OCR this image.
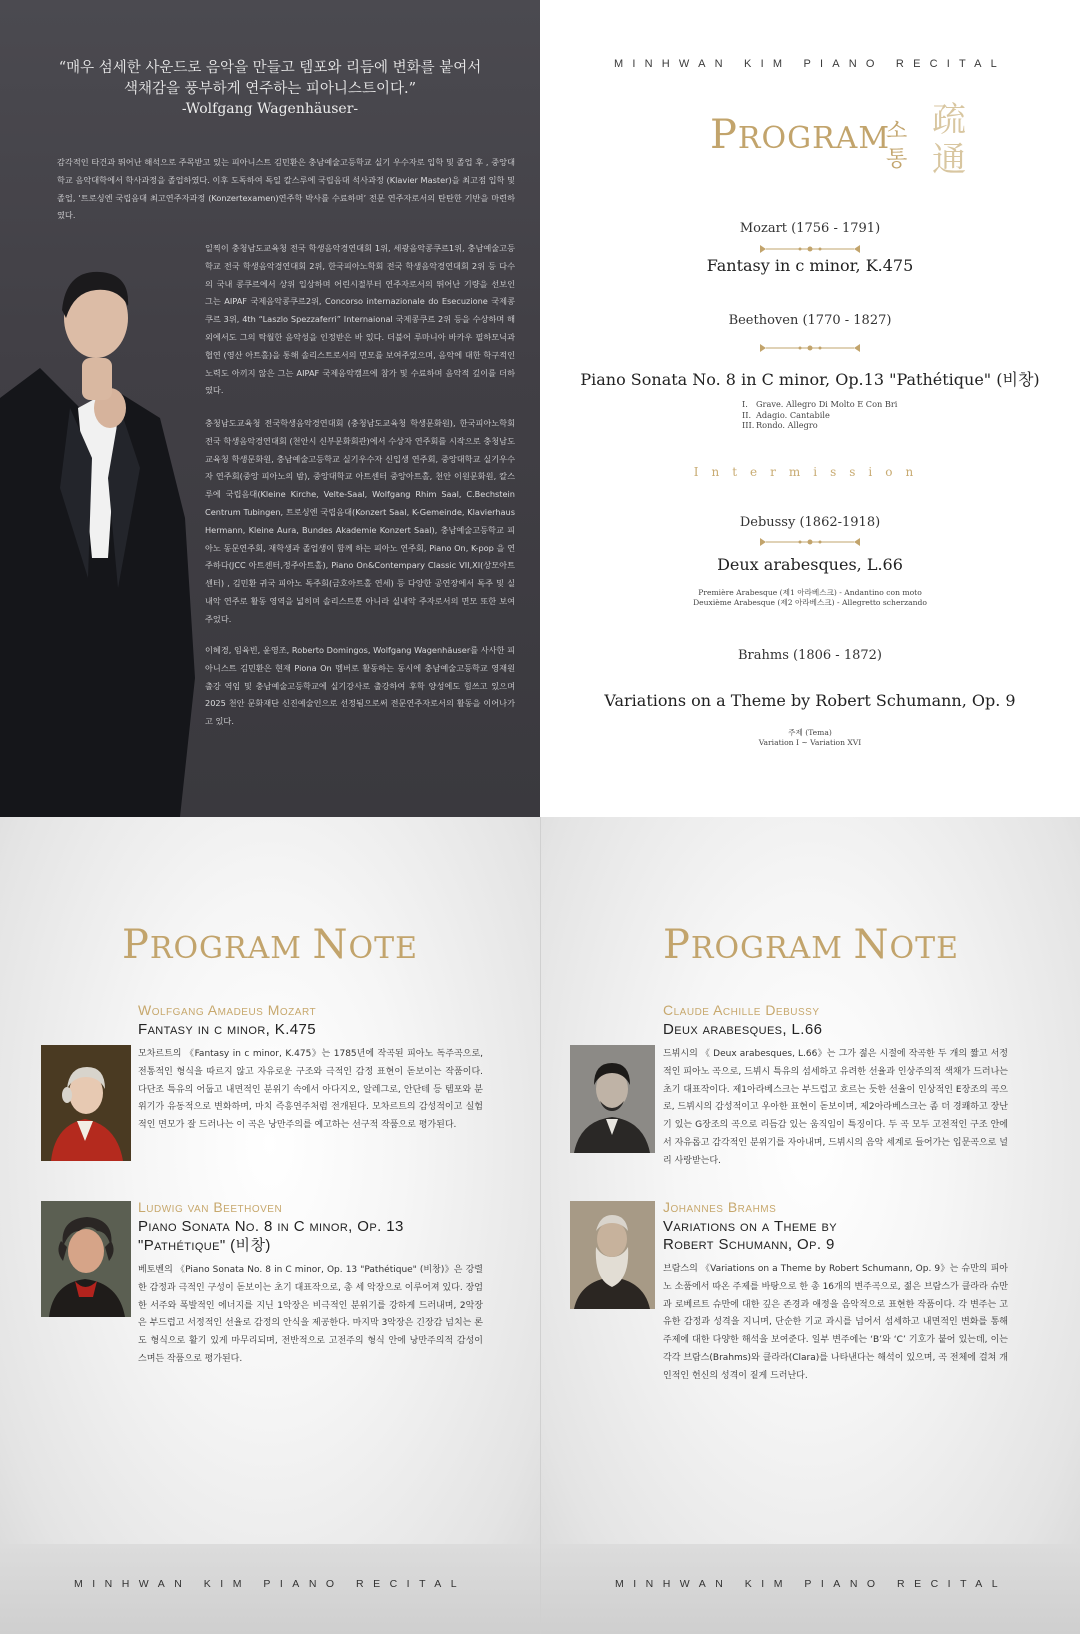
“매우 섬세한 사운드로 음악을 만들고 템포와 리듬에 변화를 붙여서
색채감을 풍부하게 연주하는 피아니스트이다.”
-Wolfgang Wagenhäuser-

감각적인 타건과 뛰어난 해석으로 주목받고 있는 피아니스트 김민환은 충남예술고등학교 실기 우수자로 입학 및 졸업 후 , 중앙대학교 음악대학에서 학사과정을 졸업하였다. 이후 도독하여 독일 칼스루에 국립음대 석사과정 (Klavier Master)을 최고점 입학 및 졸업, ‘트로싱엔 국립음대 최고연주자과정 (Konzertexamen)연주학 박사를 수료하며’ 전문 연주자로서의 탄탄한 기반을 마련하였다.

일찍이 충청남도교육청 전국 학생음악경연대회 1위, 세광음악콩쿠르1위, 충남예술고등학교 전국 학생음악경연대회 2위, 한국피아노학회 전국 학생음악경연대회 2위 등 다수의 국내 콩쿠르에서 상위 입상하며 어린시절부터 연주자로서의 뛰어난 기량을 선보인 그는 AIPAF 국제음악콩쿠르2위, Concorso internazionale do Esecuzione 국제콩쿠르 3위, 4th “Laszlo Spezzaferri” Internaional 국제콩쿠르 2위 등을 수상하며 해외에서도 그의 탁월한 음악성을 인정받은 바 있다. 더불어 루마니아 바카우 필하모닉과 협연 (영산 아트홀)을 통해 솔리스트로서의 면모를 보여주었으며, 음악에 대한 학구적인 노력도 아끼지 않은 그는 AIPAF 국제음악캠프에 참가 및 수료하며 음악적 깊이를 더하였다.

충청남도교육청 전국학생음악경연대회 (충청남도교육청 학생문화원), 한국피아노학회 전국 학생음악경연대회 (천안시 신부문화회관)에서 수상자 연주회를 시작으로 충청남도교육청 학생문화원, 충남예술고등학교 실기우수자 신입생 연주회, 중앙대학교 실기우수자 연주회(중앙 피아노의 밤), 중앙대학교 아트센터 중앙아트홀, 천안 이원문화원, 칼스루에 국립음대(Kleine Kirche, Velte-Saal, Wolfgang Rhim Saal, C.Bechstein Centrum Tubingen, 트로싱엔 국립음대(Konzert Saal, K-Gemeinde, Klavierhaus Hermann, Kleine Aura, Bundes Akademie Konzert Saal), 충남예술고등학교 피아노 동문연주회, 재학생과 졸업생이 함께 하는 피아노 연주회, Piano On, K-pop 을 연주하다(JCC 아트센터,정주아트홀), Piano On&Contempary Classic VII,XI(상모아트센터) , 김민환 귀국 피아노 독주회(금호아트홀 연세) 등 다양한 공연장에서 독주 및 실내악 연주로 활동 영역을 넓히며 솔리스트뿐 아니라 실내악 주자로서의 면모 또한 보여주었다.

이혜경, 임육빈, 윤영조, Roberto Domingos, Wolfgang Wagenhäuser를 사사한 피아니스트 김민환은 현재 Piona On 멤버로 활동하는 동시에 충남예술고등학교 영재원 출강 역임 및 충남예술고등학교에 실기강사로 출강하여 후학 양성에도 힘쓰고 있으며 2025 천안 문화재단 신진예술인으로 선정됨으로써 전문연주자로서의 활동을 이어나가고 있다.

MINHWAN KIM PIANO RECITAL
PROGRAM
소
통
疏
通
Mozart (1756 - 1791)
Fantasy in c minor, K.475
Beethoven (1770 - 1827)
Piano Sonata No. 8 in C minor, Op.13 "Pathétique" (비창)
I. Grave. Allegro Di Molto E Con Bri
II. Adagio. Cantabile
III. Rondo. Allegro
Intermission
Debussy (1862-1918)
Deux arabesques, L.66
Première Arabesque (제1 아라베스크) - Andantino con moto
Deuxième Arabesque (제2 아라베스크) - Allegretto scherzando
Brahms (1806 - 1872)
Variations on a Theme by Robert Schumann, Op. 9
주제 (Tema)
Variation I ~ Variation XVI
PROGRAM NOTE
Wolfgang Amadeus Mozart
Fantasy in c minor, K.475

모차르트의 《Fantasy in c minor, K.475》는 1785년에 작곡된 피아노 독주곡으로, 전통적인 형식을 따르지 않고 자유로운 구조와 극적인 감정 표현이 돋보이는 작품이다. 다단조 특유의 어둡고 내면적인 분위기 속에서 아다지오, 알레그로, 안단테 등 템포와 분위기가 유동적으로 변화하며, 마치 즉흥연주처럼 전개된다. 모차르트의 감성적이고 실험적인 면모가 잘 드러나는 이 곡은 낭만주의를 예고하는 선구적 작품으로 평가된다.

Ludwig van Beethoven
Piano Sonata No. 8 in C minor, Op. 13
"Pathétique" (비창)

베토벤의 《Piano Sonata No. 8 in C minor, Op. 13 "Pathétique" (비창)》은 강렬한 감정과 극적인 구성이 돋보이는 초기 대표작으로, 총 세 악장으로 이루어져 있다. 장엄한 서주와 폭발적인 에너지를 지닌 1악장은 비극적인 분위기를 강하게 드러내며, 2악장은 부드럽고 서정적인 선율로 감정의 안식을 제공한다. 마지막 3악장은 긴장감 넘치는 론도 형식으로 활기 있게 마무리되며, 전반적으로 고전주의 형식 안에 낭만주의적 감성이 스며든 작품으로 평가된다.

MINHWAN KIM PIANO RECITAL
PROGRAM NOTE
Claude Achille Debussy
Deux arabesques, L.66

드뷔시의 《 Deux arabesques, L.66》는 그가 젊은 시절에 작곡한 두 개의 짧고 서정적인 피아노 곡으로, 드뷔시 특유의 섬세하고 유려한 선율과 인상주의적 색채가 드러나는 초기 대표작이다. 제1아라베스크는 부드럽고 흐르는 듯한 선율이 인상적인 E장조의 곡으로, 드뷔시의 감성적이고 우아한 표현이 돋보이며, 제2아라베스크는 좀 더 경쾌하고 장난기 있는 G장조의 곡으로 리듬감 있는 움직임이 특징이다. 두 곡 모두 고전적인 구조 안에서 자유롭고 감각적인 분위기를 자아내며, 드뷔시의 음악 세계로 들어가는 입문곡으로 널리 사랑받는다.

Johannes Brahms
Variations on a Theme by
Robert Schumann, Op. 9

브람스의 《Variations on a Theme by Robert Schumann, Op. 9》는 슈만의 피아노 소품에서 따온 주제를 바탕으로 한 총 16개의 변주곡으로, 젊은 브람스가 클라라 슈만과 로베르트 슈만에 대한 깊은 존경과 애정을 음악적으로 표현한 작품이다. 각 변주는 고유한 감정과 성격을 지니며, 단순한 기교 과시를 넘어서 섬세하고 내면적인 변화를 통해 주제에 대한 다양한 해석을 보여준다. 일부 변주에는 ‘B’와 ‘C’ 기호가 붙어 있는데, 이는 각각 브람스(Brahms)와 클라라(Clara)를 나타낸다는 해석이 있으며, 곡 전체에 걸쳐 개인적인 헌신의 성격이 짙게 드러난다.

MINHWAN KIM PIANO RECITAL
